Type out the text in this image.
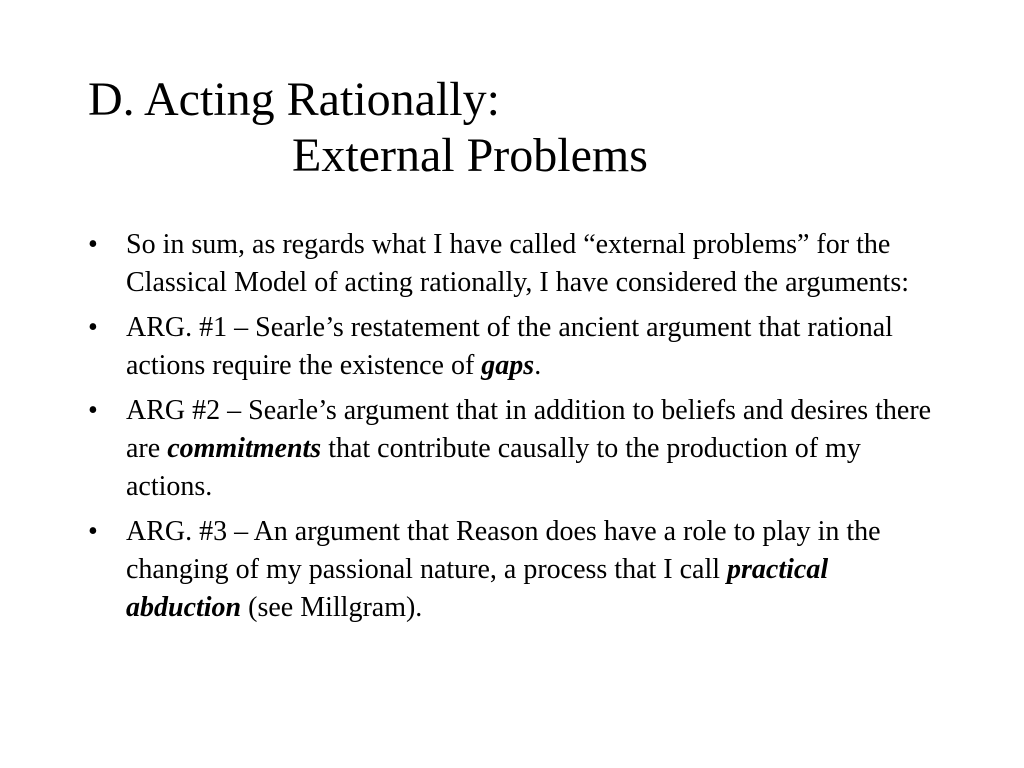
D. Acting Rationally:
External Problems
• So in sum, as regards what I have called “external problems” for the Classical Model of acting rationally, I have considered the arguments:
• ARG. #1 – Searle’s restatement of the ancient argument that rational actions require the existence of gaps.
• ARG #2 – Searle’s argument that in addition to beliefs and desires there are commitments that contribute causally to the production of my actions.
• ARG. #3 – An argument that Reason does have a role to play in the changing of my passional nature, a process that I call practical abduction (see Millgram).
